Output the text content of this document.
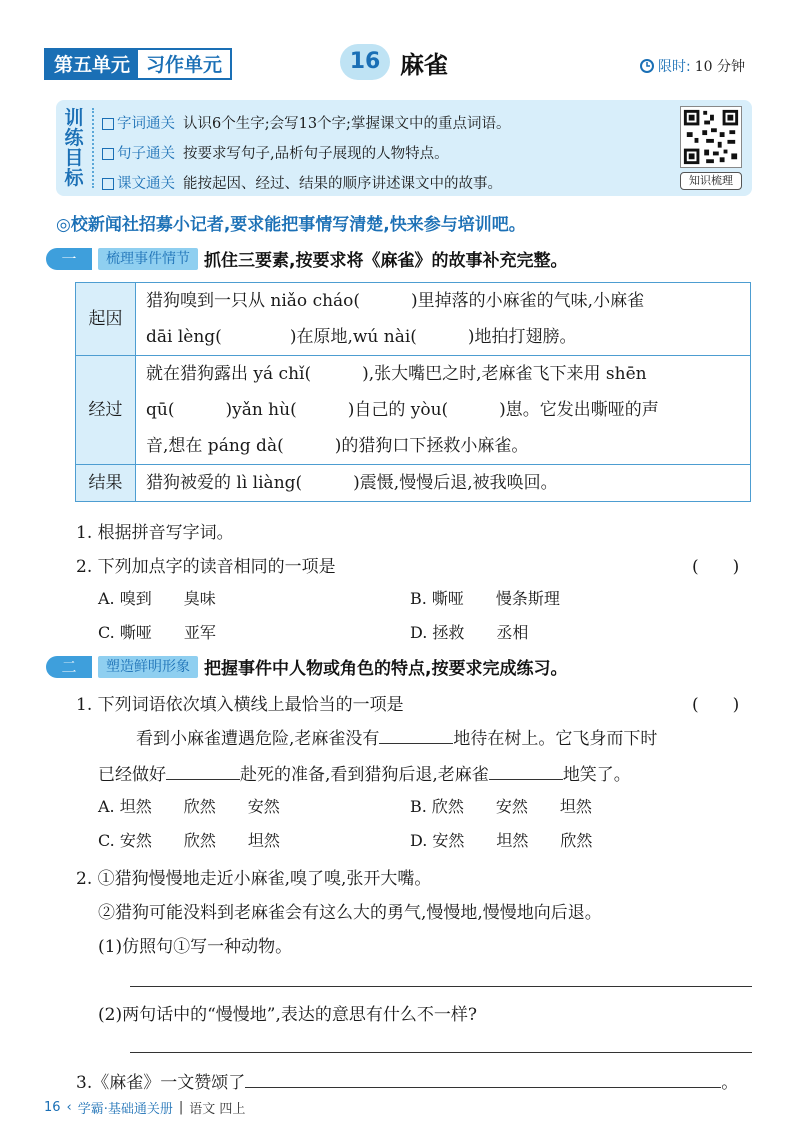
第五单元 习作单元	16 麻雀	限时: 10 分钟
训
练
目
标
字词通关 认识6个生字;会写13个字;掌握课文中的重点词语。
句子通关 按要求写句子,品析句子展现的人物特点。
课文通关 能按起因、经过、结果的顺序讲述课文中的故事。	知识梳理
◎校新闻社招募小记者,要求能把事情写清楚,快来参与培训吧。
一	梳理事件情节 抓住三要素,按要求将《麻雀》的故事补充完整。
起因	猎狗嗅到一只从 niǎo cháo(　　　)里掉落的小麻雀的气味,小麻雀
dāi lèng(　　　　)在原地,wú nài(　　　)地拍打翅膀。

经过	就在猎狗露出 yá chǐ(　　　),张大嘴巴之时,老麻雀飞下来用 shēn
qū(　　　)yǎn hù(　　　)自己的 yòu(　　　)崽。它发出嘶哑的声
音,想在 páng dà(　　　)的猎狗口下拯救小麻雀。

结果	猎狗被爱的 lì liàng(　　　)震慑,慢慢后退,被我唤回。
1. 根据拼音写字词。
2. 下列加点字的读音相同的一项是	(　　)
A. 嗅到　　臭味	B. 嘶哑　　慢条斯理
C. 嘶哑　　亚军	D. 拯救　　丞相
二	塑造鲜明形象 把握事件中人物或角色的特点,按要求完成练习。
1. 下列词语依次填入横线上最恰当的一项是	(　　)
看到小麻雀遭遇危险,老麻雀没有	地待在树上。它飞身而下时
已经做好	赴死的准备,看到猎狗后退,老麻雀	地笑了。
A. 坦然　　欣然　　安然	B. 欣然　　安然　　坦然
C. 安然　　欣然　　坦然	D. 安然　　坦然　　欣然
2. ①猎狗慢慢地走近小麻雀,嗅了嗅,张开大嘴。
②猎狗可能没料到老麻雀会有这么大的勇气,慢慢地,慢慢地向后退。
(1)仿照句①写一种动物。
(2)两句话中的“慢慢地”,表达的意思有什么不一样?
3.《麻雀》一文赞颂了	。
16 ‹ 学霸·基础通关册 | 语文 四上
